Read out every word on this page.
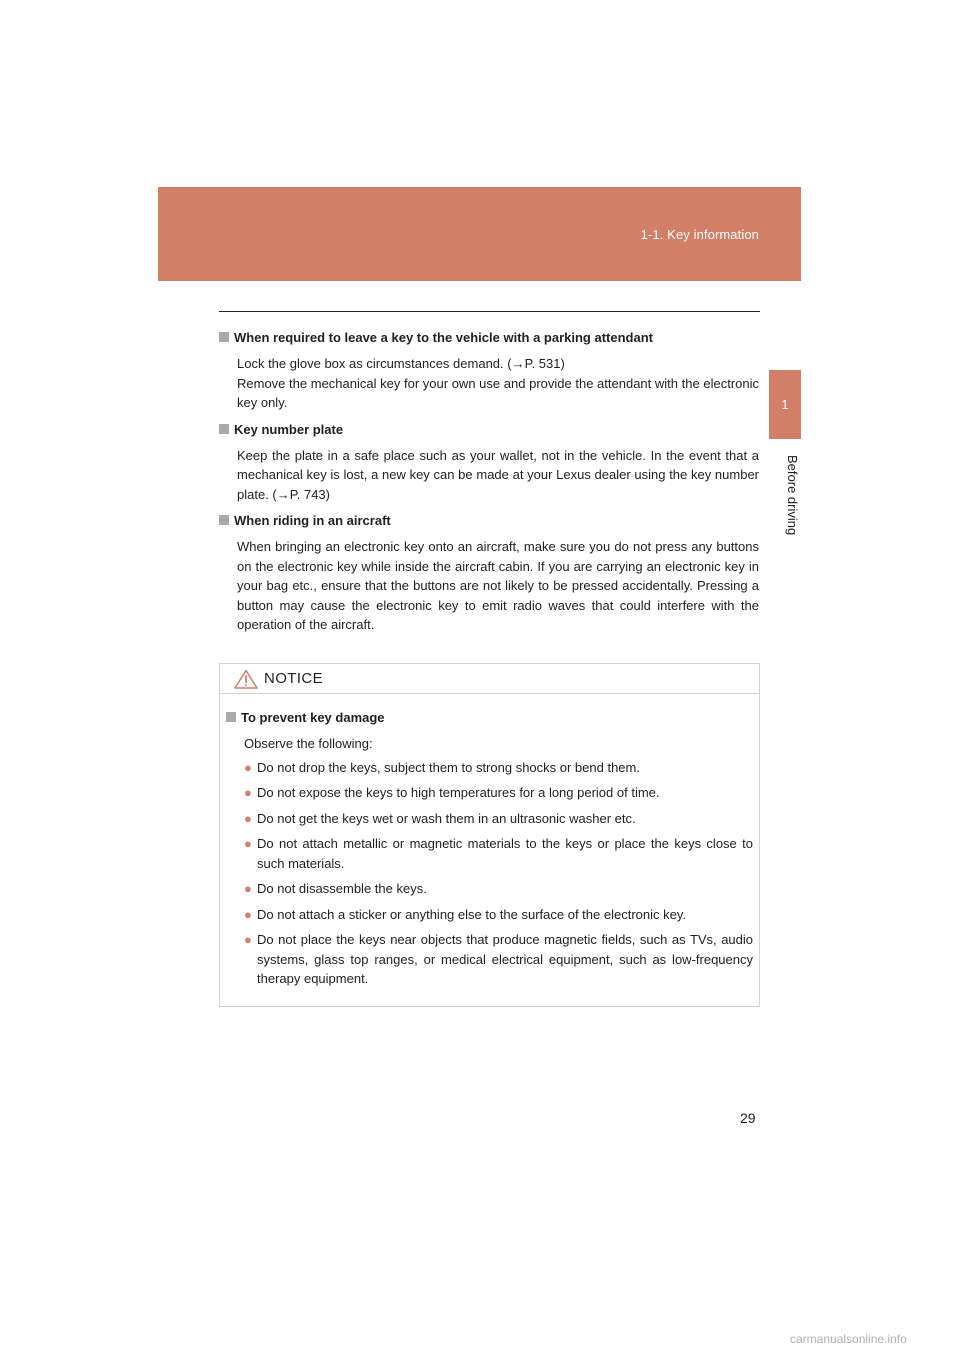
1-1. Key information
1
Before driving
When required to leave a key to the vehicle with a parking attendant

Lock the glove box as circumstances demand. (→P. 531)

Remove the mechanical key for your own use and provide the attendant with the electronic key only.

Key number plate

Keep the plate in a safe place such as your wallet, not in the vehicle. In the event that a mechanical key is lost, a new key can be made at your Lexus dealer using the key number plate. (→P. 743)

When riding in an aircraft

When bringing an electronic key onto an aircraft, make sure you do not press any buttons on the electronic key while inside the aircraft cabin. If you are carrying an electronic key in your bag etc., ensure that the buttons are not likely to be pressed accidentally. Pressing a button may cause the electronic key to emit radio waves that could interfere with the operation of the aircraft.

NOTICE
To prevent key damage

Observe the following:

● Do not drop the keys, subject them to strong shocks or bend them.
● Do not expose the keys to high temperatures for a long period of time.
● Do not get the keys wet or wash them in an ultrasonic washer etc.
● Do not attach metallic or magnetic materials to the keys or place the keys close to such materials.
● Do not disassemble the keys.
● Do not attach a sticker or anything else to the surface of the electronic key.
● Do not place the keys near objects that produce magnetic fields, such as TVs, audio systems, glass top ranges, or medical electrical equipment, such as low-frequency therapy equipment.
29
carmanualsonline.info
